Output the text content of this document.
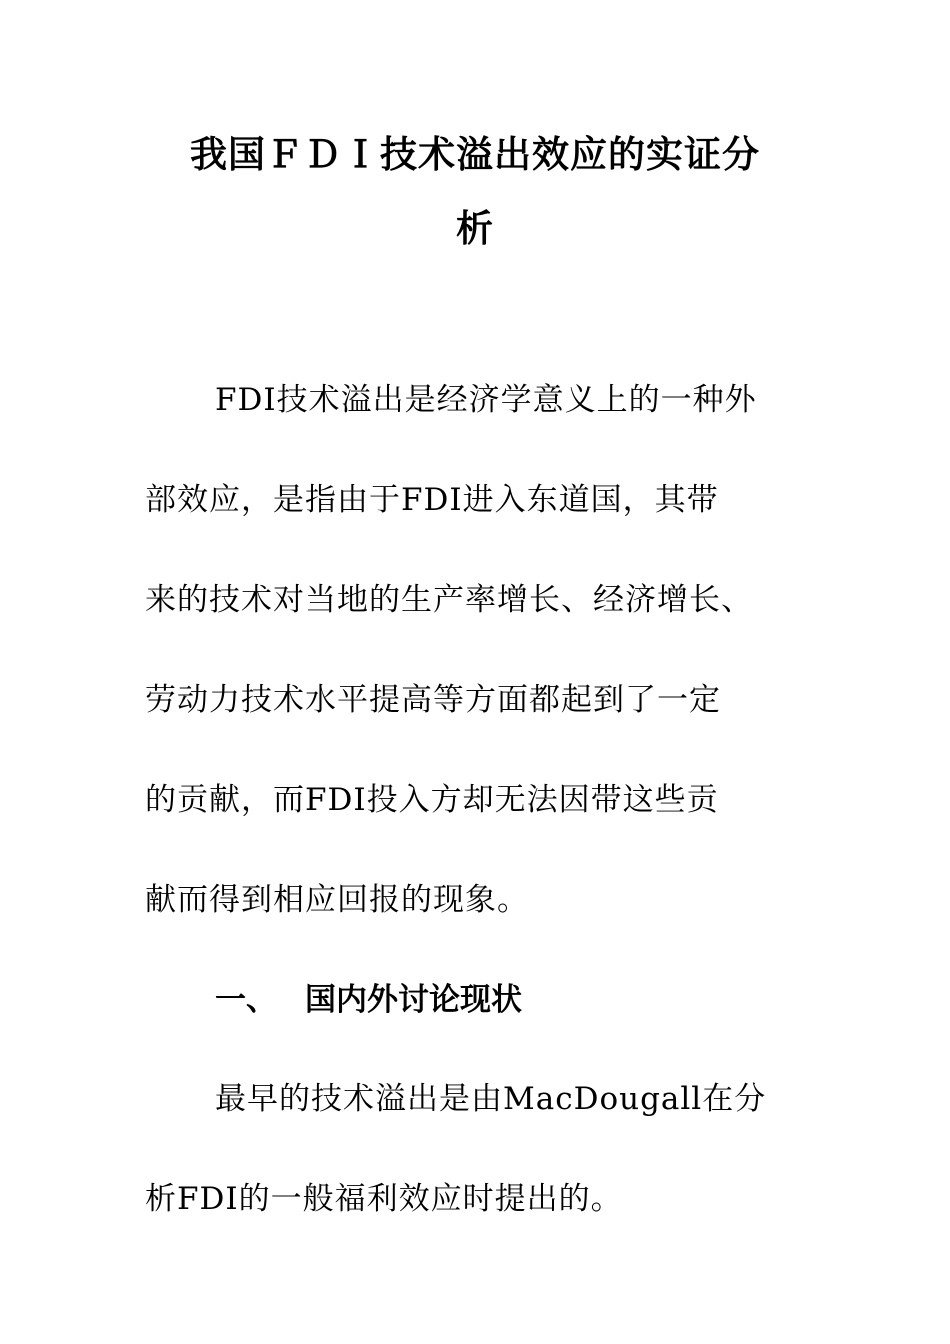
我国ＦＤＩ技术溢出效应的实证分
析

FDI技术溢出是经济学意义上的一种外
部效应，是指由于FDI进入东道国，其带
来的技术对当地的生产率增长、经济增长、
劳动力技术水平提高等方面都起到了一定
的贡献，而FDI投入方却无法因带这些贡
献而得到相应回报的现象。

一、 国内外讨论现状

最早的技术溢出是由MacDougall在分
析FDI的一般福利效应时提出的。
